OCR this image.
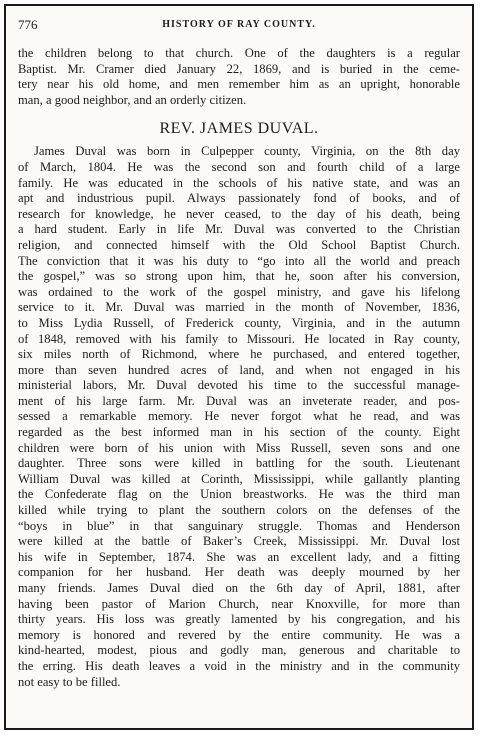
776	HISTORY OF RAY COUNTY.
the children belong to that church. One of the daughters is a regular
Baptist. Mr. Cramer died January 22, 1869, and is buried in the ceme-
tery near his old home, and men remember him as an upright, honorable
man, a good neighbor, and an orderly citizen.
REV. JAMES DUVAL.
James Duval was born in Culpepper county, Virginia, on the 8th day
of March, 1804. He was the second son and fourth child of a large
family. He was educated in the schools of his native state, and was an
apt and industrious pupil. Always passionately fond of books, and of
research for knowledge, he never ceased, to the day of his death, being
a hard student. Early in life Mr. Duval was converted to the Christian
religion, and connected himself with the Old School Baptist Church.
The conviction that it was his duty to “go into all the world and preach
the gospel,” was so strong upon him, that he, soon after his conversion,
was ordained to the work of the gospel ministry, and gave his lifelong
service to it. Mr. Duval was married in the month of November, 1836,
to Miss Lydia Russell, of Frederick county, Virginia, and in the autumn
of 1848, removed with his family to Missouri. He located in Ray county,
six miles north of Richmond, where he purchased, and entered together,
more than seven hundred acres of land, and when not engaged in his
ministerial labors, Mr. Duval devoted his time to the successful manage-
ment of his large farm. Mr. Duval was an inveterate reader, and pos-
sessed a remarkable memory. He never forgot what he read, and was
regarded as the best informed man in his section of the county. Eight
children were born of his union with Miss Russell, seven sons and one
daughter. Three sons were killed in battling for the south. Lieutenant
William Duval was killed at Corinth, Mississippi, while gallantly planting
the Confederate flag on the Union breastworks. He was the third man
killed while trying to plant the southern colors on the defenses of the
“boys in blue” in that sanguinary struggle. Thomas and Henderson
were killed at the battle of Baker’s Creek, Mississippi. Mr. Duval lost
his wife in September, 1874. She was an excellent lady, and a fitting
companion for her husband. Her death was deeply mourned by her
many friends. James Duval died on the 6th day of April, 1881, after
having been pastor of Marion Church, near Knoxville, for more than
thirty years. His loss was greatly lamented by his congregation, and his
memory is honored and revered by the entire community. He was a
kind-hearted, modest, pious and godly man, generous and charitable to
the erring. His death leaves a void in the ministry and in the community
not easy to be filled.
